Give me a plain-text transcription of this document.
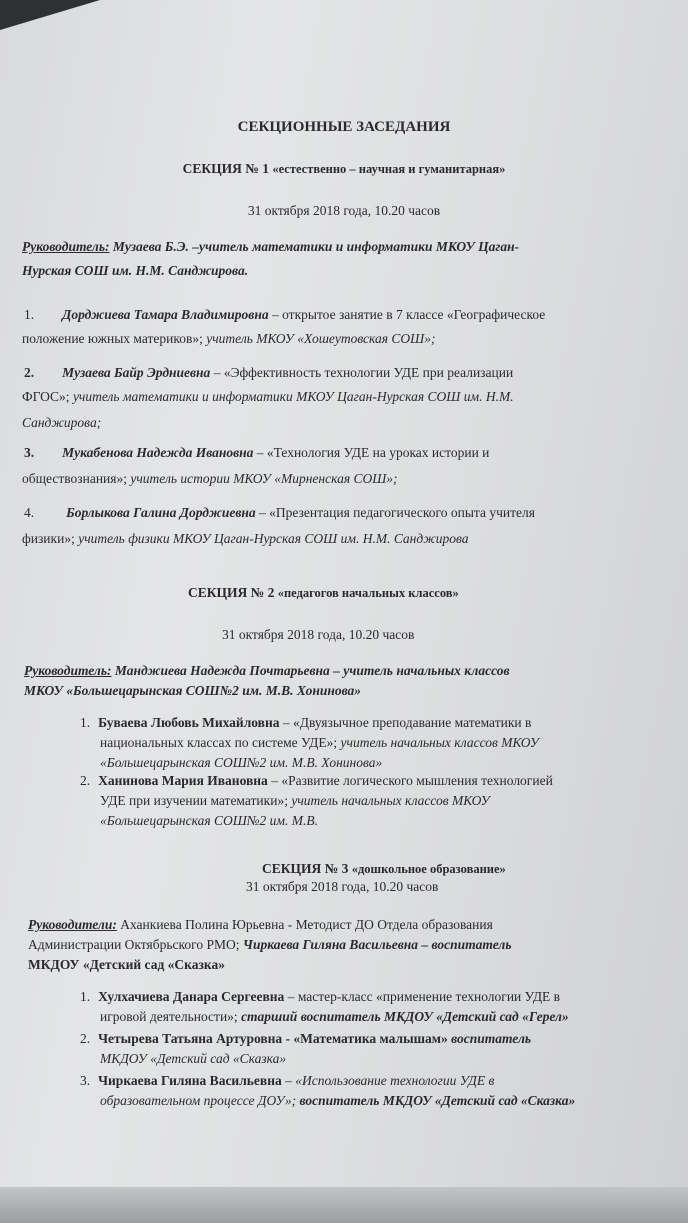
СЕКЦИОННЫЕ ЗАСЕДАНИЯ
СЕКЦИЯ № 1 «естественно – научная и гуманитарная»
31 октября 2018 года, 10.20 часов
Руководитель: Музаева Б.Э. –учитель математики и информатики МКОУ Цаган-
Нурская СОШ им. Н.М. Санджирова.
1. Дорджиева Тамара Владимировна – открытое занятие в 7 классе «Географическое
положение южных материков»; учитель МКОУ «Хошеутовская СОШ»;
2. Музаева Байр Эрдниевна – «Эффективность технологии УДЕ при реализации
ФГОС»; учитель математики и информатики МКОУ Цаган-Нурская СОШ им. Н.М.
Санджирова;
3. Мукабенова Надежда Ивановна – «Технология УДЕ на уроках истории и
обществознания»; учитель истории МКОУ «Мирненская СОШ»;
4. Борлыкова Галина Дорджиевна – «Презентация педагогического опыта учителя
физики»; учитель физики МКОУ Цаган-Нурская СОШ им. Н.М. Санджирова
СЕКЦИЯ № 2 «педагогов начальных классов»
31 октября 2018 года, 10.20 часов
Руководитель: Манджиева Надежда Почтарьевна – учитель начальных классов
МКОУ «Большецарынская СОШ№2 им. М.В. Хонинова»
1. Буваева Любовь Михайловна – «Двуязычное преподавание математики в
национальных классах по системе УДЕ»; учитель начальных классов МКОУ
«Большецарынская СОШ№2 им. М.В. Хонинова»
2. Ханинова Мария Ивановна – «Развитие логического мышления технологией
УДЕ при изучении математики»; учитель начальных классов МКОУ
«Большецарынская СОШ№2 им. М.В.
СЕКЦИЯ № 3 «дошкольное образование»
31 октября 2018 года, 10.20 часов
Руководители: Аханкиева Полина Юрьевна - Методист ДО Отдела образования
Администрации Октябрьского РМО; Чиркаева Гиляна Васильевна – воспитатель
МКДОУ «Детский сад «Сказка»
1. Хулхачиева Данара Сергеевна – мастер-класс «применение технологии УДЕ в
игровой деятельности»; старший воспитатель МКДОУ «Детский сад «Герел»
2. Четырева Татьяна Артуровна - «Математика малышам» воспитатель
МКДОУ «Детский сад «Сказка»
3. Чиркаева Гиляна Васильевна – «Использование технологии УДЕ в
образовательном процессе ДОУ»; воспитатель МКДОУ «Детский сад «Сказка»
